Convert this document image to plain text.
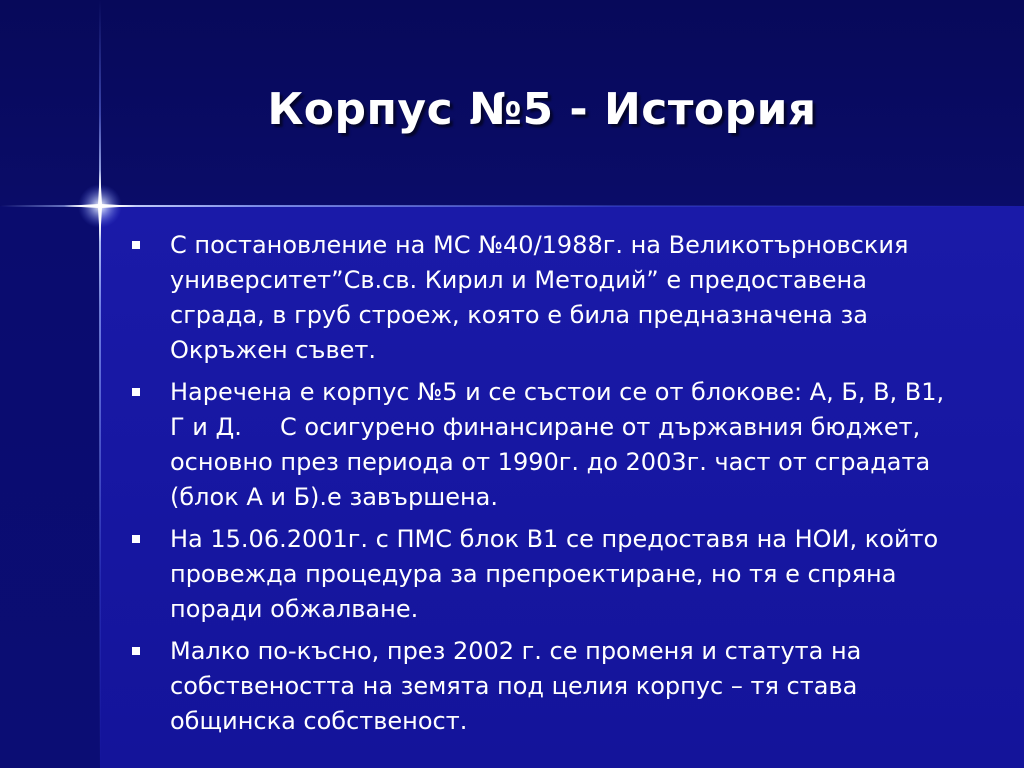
Корпус №5 - История
С постановление на МС №40/1988г. на Великотърновския университет”Св.св. Кирил и Методий” е предоставена сграда, в груб строеж, която е била предназначена за Окръжен съвет.
Наречена е корпус №5 и се състои се от блокове: А, Б, В, В1, Г и Д.     С осигурено финансиране от държавния бюджет, основно през периода от 1990г. до 2003г. част от сградата (блок А и Б).е завършена.
На 15.06.2001г. с ПМС блок В1 се предоставя на НОИ, който провежда процедура за препроектиране, но тя е спряна поради обжалване.
Малко по-късно, през 2002 г. се променя и статута на собствеността на земята под целия корпус – тя става общинска собственост.
